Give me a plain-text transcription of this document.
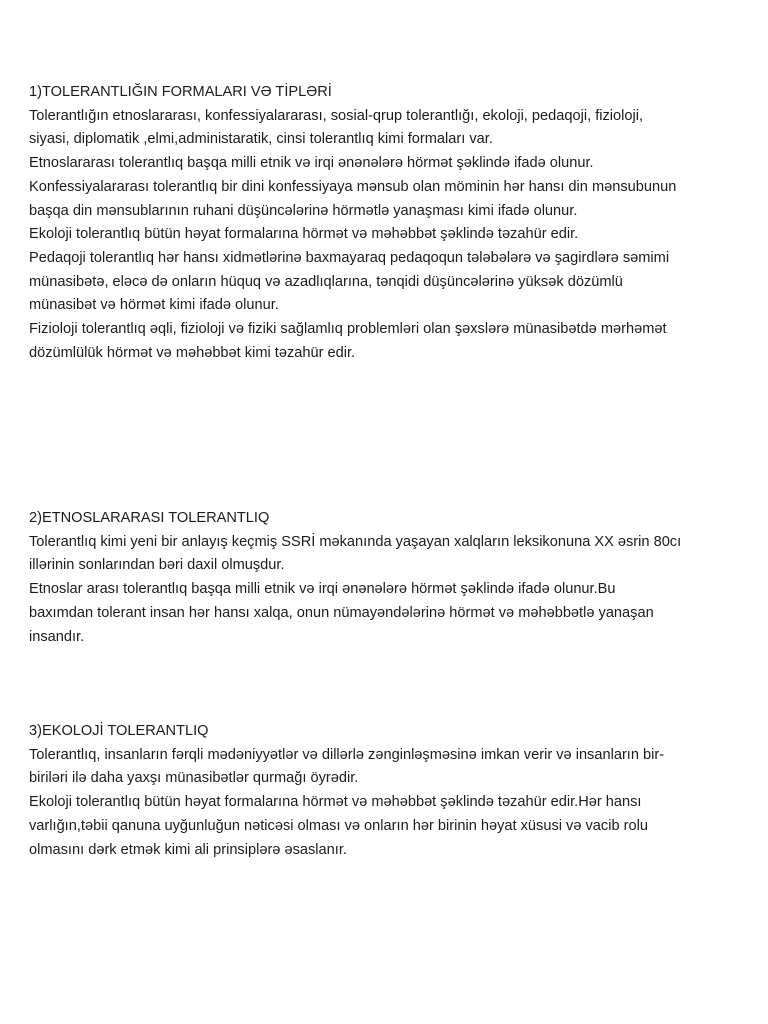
1)TOLERANTLIĞIN FORMALARI VƏ TİPLƏRİ
Tolerantlığın etnoslararası, konfessiyalararası, sosial-qrup tolerantlığı, ekoloji, pedaqoji, fizioloji,
siyasi, diplomatik ,elmi,administaratik, cinsi tolerantlıq kimi formaları var.
Etnoslararası tolerantlıq başqa milli etnik və irqi ənənələrə hörmət şəklində ifadə olunur.
Konfessiyalararası tolerantlıq bir dini konfessiyaya mənsub olan möminin hər hansı din mənsubunun
başqa din mənsublarının ruhani düşüncələrinə hörmətlə yanaşması kimi ifadə olunur.
Ekoloji tolerantlıq bütün həyat formalarına hörmət və məhəbbət şəklində təzahür edir.
Pedaqoji tolerantlıq hər hansı xidmətlərinə baxmayaraq pedaqoqun tələbələrə və şagirdlərə səmimi
münasibətə, eləcə də onların hüquq və azadlıqlarına, tənqidi düşüncələrinə yüksək dözümlü
münasibət və hörmət kimi ifadə olunur.
Fizioloji tolerantlıq əqli, fizioloji və fiziki sağlamlıq problemləri olan şəxslərə münasibətdə mərhəmət
dözümlülük hörmət və məhəbbət kimi təzahür edir.
2)ETNOSLARARASI TOLERANTLIQ
Tolerantlıq kimi yeni bir anlayış keçmiş SSRİ məkanında yaşayan xalqların leksikonuna XX əsrin 80cı
illərinin sonlarından bəri daxil olmuşdur.
Etnoslar arası tolerantlıq başqa milli etnik və irqi ənənələrə hörmət şəklində ifadə olunur.Bu
baxımdan tolerant insan hər hansı xalqa, onun nümayəndələrinə hörmət və məhəbbətlə yanaşan
insandır.
3)EKOLOJİ TOLERANTLIQ
Tolerantlıq, insanların fərqli mədəniyyətlər və dillərlə zənginləşməsinə imkan verir və insanların bir-
birilәri ilə daha yaxşı münasibətlər qurmağı öyrədir.
Ekoloji tolerantlıq bütün həyat formalarına hörmət və məhəbbət şəklində təzahür edir.Hər hansı
varlığın,təbii qanuna uyğunluğun nəticəsi olması və onların hər birinin həyat xüsusi və vacib rolu
olmasını dərk etmək kimi ali prinsiplərə əsaslanır.
